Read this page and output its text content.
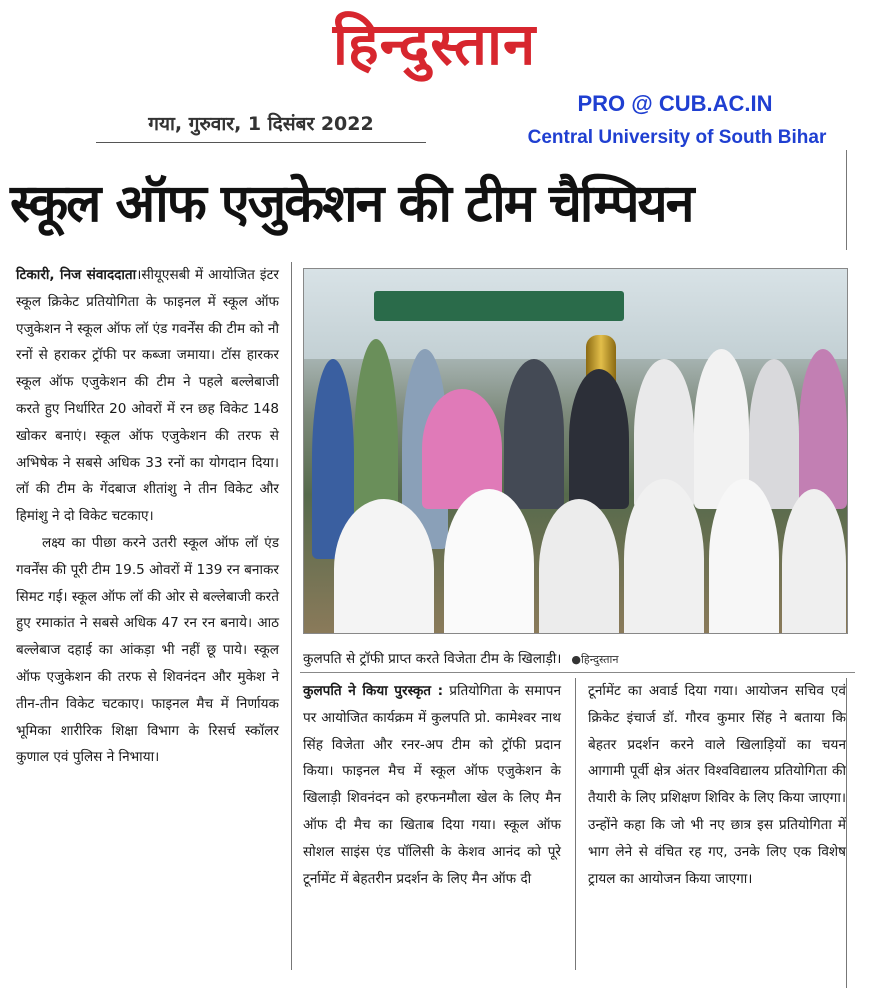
हिन्दुस्तान
गया, गुरुवार, 1 दिसंबर 2022
PRO @ CUB.AC.IN
Central University of South Bihar
स्कूल ऑफ एजुकेशन की टीम चैम्पियन

टिकारी, निज संवाददाता।सीयूएसबी में आयोजित इंटर स्कूल क्रिकेट प्रतियोगिता के फाइनल में स्कूल ऑफ एजुकेशन ने स्कूल ऑफ लॉ एंड गवर्नेंस की टीम को नौ रनों से हराकर ट्रॉफी पर कब्जा जमाया। टॉस हारकर स्कूल ऑफ एजुकेशन की टीम ने पहले बल्लेबाजी करते हुए निर्धारित 20 ओवरों में रन छह विकेट 148 खोकर बनाएं। स्कूल ऑफ एजुकेशन की तरफ से अभिषेक ने सबसे अधिक 33 रनों का योगदान दिया। लॉ की टीम के गेंदबाज शीतांशु ने तीन विकेट और हिमांशु ने दो विकेट चटकाए।

लक्ष्य का पीछा करने उतरी स्कूल ऑफ लॉ एंड गवर्नेंस की पूरी टीम 19.5 ओवरों में 139 रन बनाकर सिमट गई। स्कूल ऑफ लॉ की ओर से बल्लेबाजी करते हुए रमाकांत ने सबसे अधिक 47 रन रन बनाये। आठ बल्लेबाज दहाई का आंकड़ा भी नहीं छू पाये। स्कूल ऑफ एजुकेशन की तरफ से शिवनंदन और मुकेश ने तीन-तीन विकेट चटकाए। फाइनल मैच में निर्णायक भूमिका शारीरिक शिक्षा विभाग के रिसर्च स्कॉलर कुणाल एवं पुलिस ने निभाया।

कुलपति से ट्रॉफी प्राप्त करते विजेता टीम के खिलाड़ी। ●हिन्दुस्तान

कुलपति ने किया पुरस्कृत : प्रतियोगिता के समापन पर आयोजित कार्यक्रम में कुलपति प्रो. कामेश्वर नाथ सिंह विजेता और रनर-अप टीम को ट्रॉफी प्रदान किया। फाइनल मैच में स्कूल ऑफ एजुकेशन के खिलाड़ी शिवनंदन को हरफनमौला खेल के लिए मैन ऑफ दी मैच का खिताब दिया गया। स्कूल ऑफ सोशल साइंस एंड पॉलिसी के केशव आनंद को पूरे टूर्नामेंट में बेहतरीन प्रदर्शन के लिए मैन ऑफ दी

टूर्नामेंट का अवार्ड दिया गया। आयोजन सचिव एवं क्रिकेट इंचार्ज डॉ. गौरव कुमार सिंह ने बताया कि बेहतर प्रदर्शन करने वाले खिलाड़ियों का चयन आगामी पूर्वी क्षेत्र अंतर विश्वविद्यालय प्रतियोगिता की तैयारी के लिए प्रशिक्षण शिविर के लिए किया जाएगा। उन्होंने कहा कि जो भी नए छात्र इस प्रतियोगिता में भाग लेने से वंचित रह गए, उनके लिए एक विशेष ट्रायल का आयोजन किया जाएगा।
